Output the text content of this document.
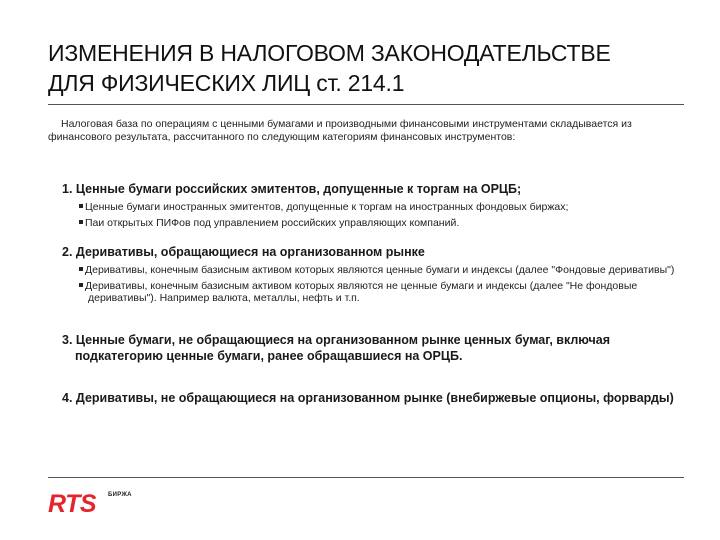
ИЗМЕНЕНИЯ В НАЛОГОВОМ ЗАКОНОДАТЕЛЬСТВЕ
ДЛЯ ФИЗИЧЕСКИХ ЛИЦ ст. 214.1

Налоговая база по операциям с ценными бумагами и производными финансовыми инструментами складывается из финансового результата, рассчитанного по следующим категориям финансовых инструментов:

1. Ценные бумаги российских эмитентов, допущенные к торгам на ОРЦБ;

Ценные бумаги иностранных эмитентов, допущенные к торгам на иностранных фондовых биржах;
Паи открытых ПИФов под управлением российских управляющих компаний.

2. Деривативы, обращающиеся на организованном рынке

Деривативы, конечным базисным активом которых являются ценные бумаги и индексы (далее "Фондовые деривативы")
Деривативы, конечным базисным активом которых являются не ценные бумаги и индексы (далее "Не фондовые деривативы"). Например валюта, металлы, нефть и т.п.

3. Ценные бумаги, не обращающиеся на организованном рынке ценных бумаг, включая подкатегорию ценные бумаги, ранее обращавшиеся на ОРЦБ.

4. Деривативы, не обращающиеся на организованном рынке (внебиржевые опционы, форварды)

RTS БИРЖА
